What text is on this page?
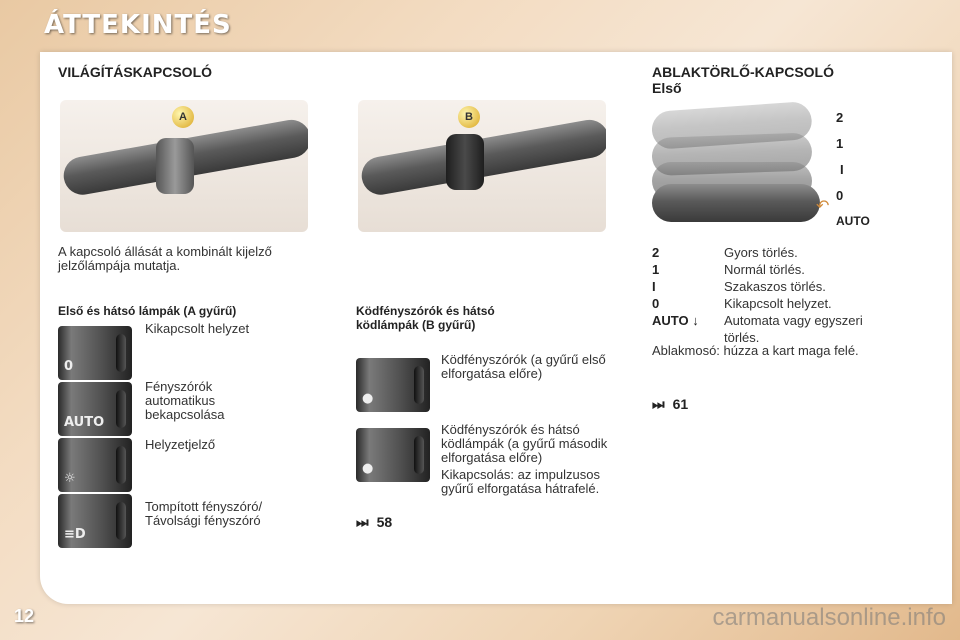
ÁTTEKINTÉS
VILÁGÍTÁSKAPCSOLÓ
A	B

A kapcsoló állását a kombinált kijelző jelzőlámpája mutatja.

Első és hátsó lámpák (A gyűrű)
0

Kikapcsolt helyzet

AUTO

Fényszórók automatikus bekapcsolása

☼

Helyzetjelző

≡D

Tompított fényszóró/ Távolsági fényszóró

Ködfényszórók és hátsó ködlámpák (B gyűrű)
●

Ködfényszórók (a gyűrű első elforgatása előre)

●

Ködfényszórók és hátsó ködlámpák (a gyűrű második elforgatása előre)

Kikapcsolás: az impulzusos gyűrű elforgatása hátrafelé.

⏭ 58
ABLAKTÖRLŐ-KAPCSOLÓ
Első
2
1
I
0
AUTO
↶
2	Gyors törlés.
1	Normál törlés.
I	Szakaszos törlés.
0	Kikapcsolt helyzet.
AUTO ↓	Automata vagy egyszeri törlés.

Ablakmosó: húzza a kart maga felé.

⏭ 61
12	carmanualsonline.info
